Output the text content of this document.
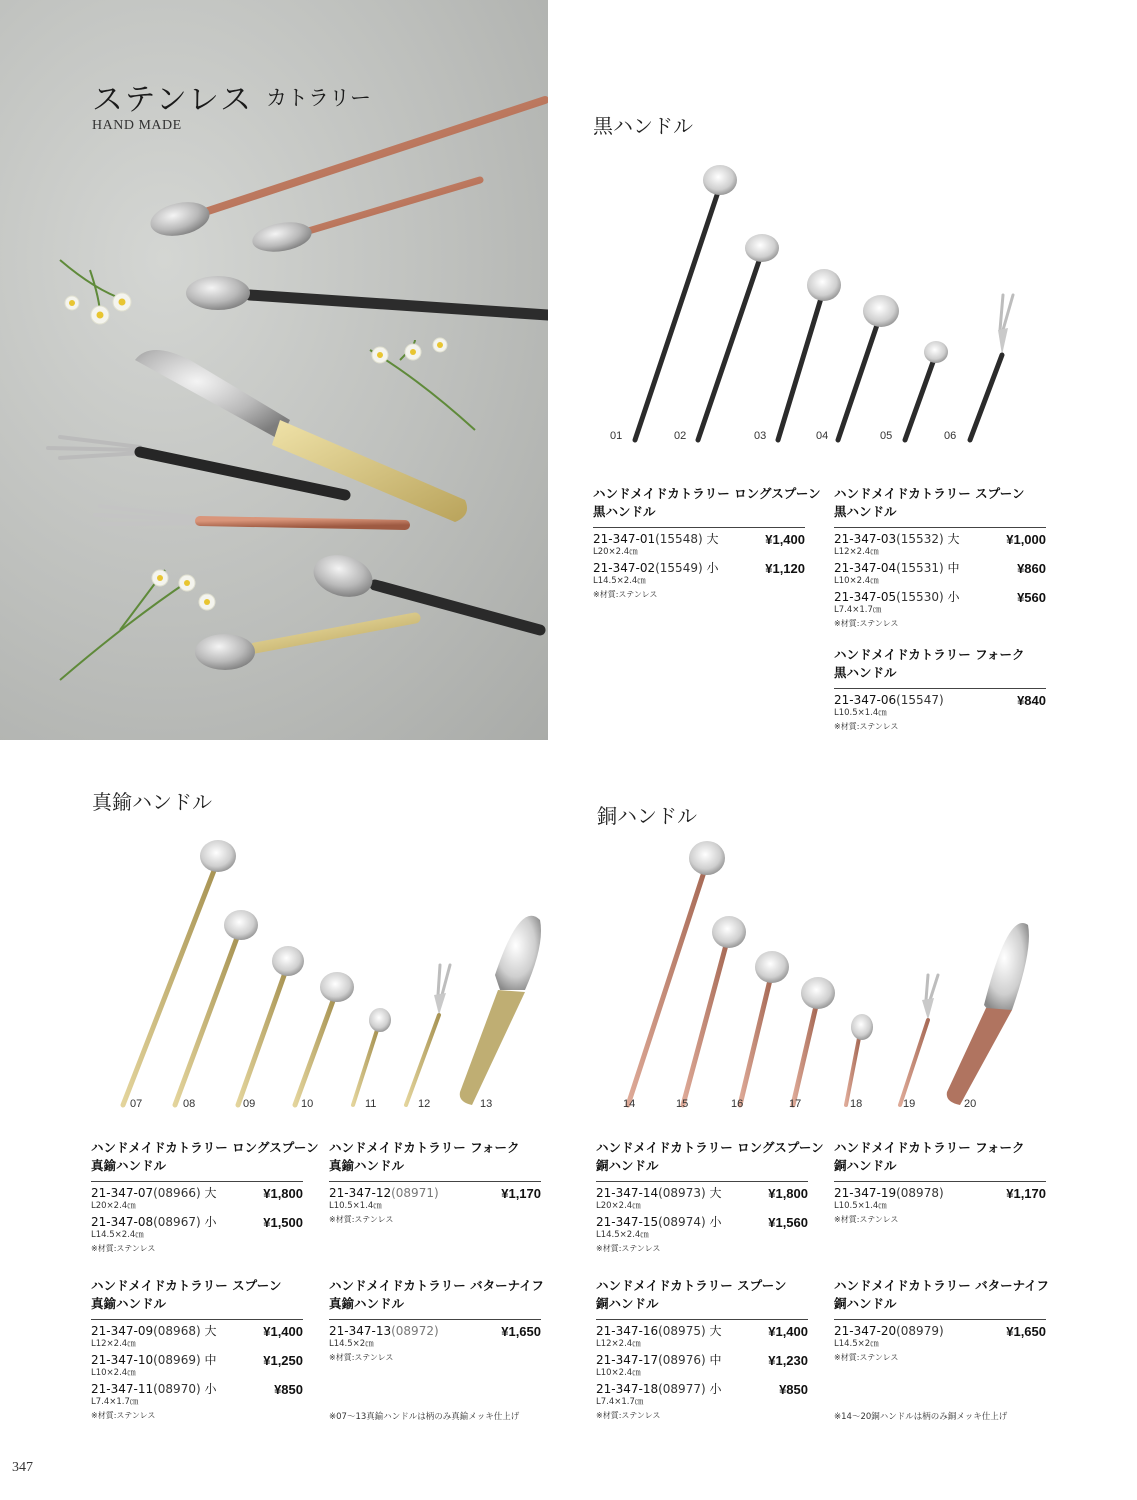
ステンレス カトラリー
HAND MADE	黒ハンドル
01	02	03	04	05	06
ハンドメイドカトラリー ロングスプーン
黒ハンドル
21-347-01(15548) 大	¥1,400
L20×2.4㎝
21-347-02(15549) 小	¥1,120
L14.5×2.4㎝
※材質:ステンレス
ハンドメイドカトラリー スプーン
黒ハンドル
21-347-03(15532) 大	¥1,000
L12×2.4㎝
21-347-04(15531) 中	¥860
L10×2.4㎝
21-347-05(15530) 小	¥560
L7.4×1.7㎝
※材質:ステンレス
ハンドメイドカトラリー フォーク
黒ハンドル
21-347-06(15547)	¥840
L10.5×1.4㎝
※材質:ステンレス
真鍮ハンドル
07	08	09	10	11	12	13
ハンドメイドカトラリー ロングスプーン
真鍮ハンドル
21-347-07(08966) 大	¥1,800
L20×2.4㎝
21-347-08(08967) 小	¥1,500
L14.5×2.4㎝
※材質:ステンレス
ハンドメイドカトラリー フォーク
真鍮ハンドル
21-347-12(08971)	¥1,170
L10.5×1.4㎝
※材質:ステンレス
ハンドメイドカトラリー スプーン
真鍮ハンドル
21-347-09(08968) 大	¥1,400
L12×2.4㎝
21-347-10(08969) 中	¥1,250
L10×2.4㎝
21-347-11(08970) 小	¥850
L7.4×1.7㎝
※材質:ステンレス
ハンドメイドカトラリー バターナイフ
真鍮ハンドル
21-347-13(08972)	¥1,650
L14.5×2㎝
※材質:ステンレス
※07〜13真鍮ハンドルは柄のみ真鍮メッキ仕上げ
銅ハンドル
14	15	16	17	18	19	20
ハンドメイドカトラリー ロングスプーン
銅ハンドル
21-347-14(08973) 大	¥1,800
L20×2.4㎝
21-347-15(08974) 小	¥1,560
L14.5×2.4㎝
※材質:ステンレス
ハンドメイドカトラリー フォーク
銅ハンドル
21-347-19(08978)	¥1,170
L10.5×1.4㎝
※材質:ステンレス
ハンドメイドカトラリー スプーン
銅ハンドル
21-347-16(08975) 大	¥1,400
L12×2.4㎝
21-347-17(08976) 中	¥1,230
L10×2.4㎝
21-347-18(08977) 小	¥850
L7.4×1.7㎝
※材質:ステンレス
ハンドメイドカトラリー バターナイフ
銅ハンドル
21-347-20(08979)	¥1,650
L14.5×2㎝
※材質:ステンレス
※14〜20銅ハンドルは柄のみ銅メッキ仕上げ
347
